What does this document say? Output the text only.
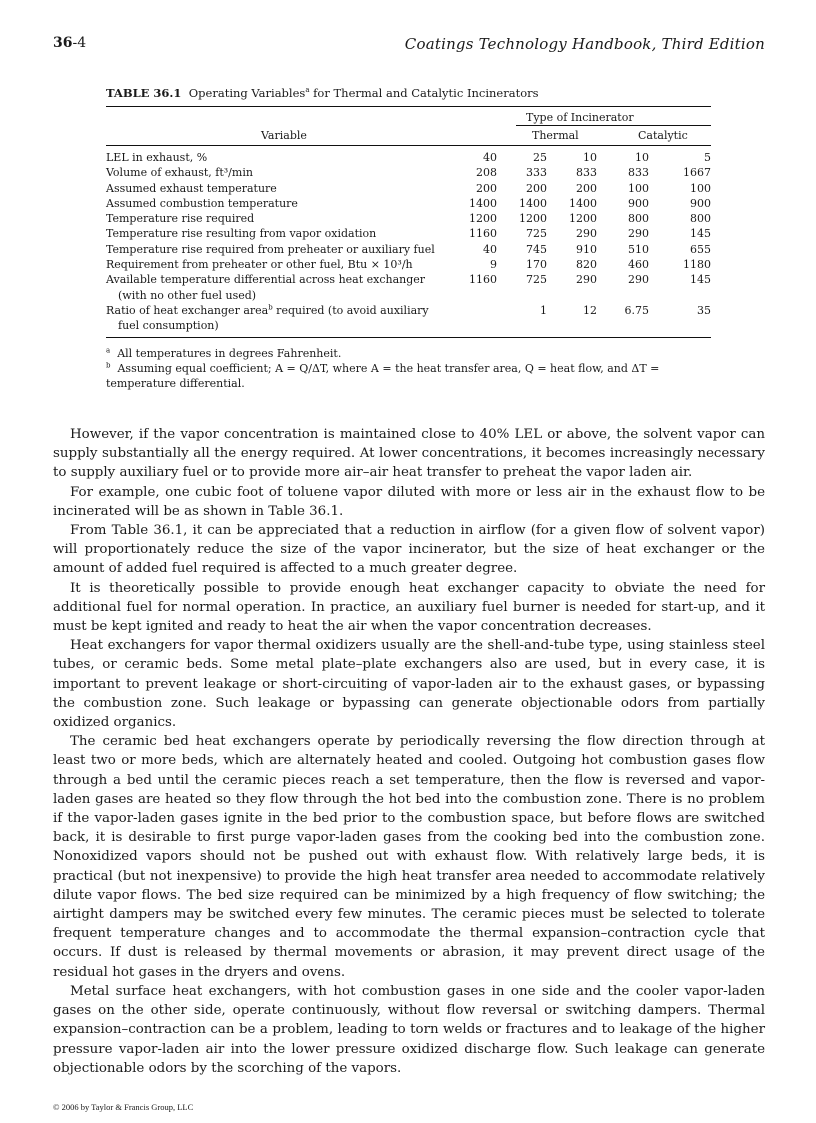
36-4	Coatings Technology Handbook, Third Edition
TABLE 36.1 Operating Variables$^a$ for Thermal and Catalytic Incinerators
Type of Incinerator
Variable	Thermal	Catalytic
LEL in exhaust, %	40	25	10	10	5
Volume of exhaust, ft³/min	208	333	833	833	1667
Assumed exhaust temperature	200	200	200	100	100
Assumed combustion temperature	1400	1400	1400	900	900
Temperature rise required	1200	1200	1200	800	800
Temperature rise resulting from vapor oxidation	1160	725	290	290	145
Temperature rise required from preheater or auxiliary fuel	40	745	910	510	655
Requirement from preheater or other fuel, Btu × 10³/h	9	170	820	460	1180
Available temperature differential across heat exchanger
(with no other fuel used)	1160	725	290	290	145
Ratio of heat exchanger area$^b$ required (to avoid auxiliary
fuel consumption)		1	12	6.75	35

$^a$ All temperatures in degrees Fahrenheit.

$^b$ Assuming equal coefficient; A = Q/ΔT, where A = the heat transfer area, Q = heat flow, and ΔT = temperature differential.

However, if the vapor concentration is maintained close to 40% LEL or above, the solvent vapor can supply substantially all the energy required. At lower concentrations, it becomes increasingly necessary to supply auxiliary fuel or to provide more air–air heat transfer to preheat the vapor laden air.

For example, one cubic foot of toluene vapor diluted with more or less air in the exhaust flow to be incinerated will be as shown in Table 36.1.

From Table 36.1, it can be appreciated that a reduction in airflow (for a given flow of solvent vapor) will proportionately reduce the size of the vapor incinerator, but the size of heat exchanger or the amount of added fuel required is affected to a much greater degree.

It is theoretically possible to provide enough heat exchanger capacity to obviate the need for additional fuel for normal operation. In practice, an auxiliary fuel burner is needed for start-up, and it must be kept ignited and ready to heat the air when the vapor concentration decreases.

Heat exchangers for vapor thermal oxidizers usually are the shell-and-tube type, using stainless steel tubes, or ceramic beds. Some metal plate–plate exchangers also are used, but in every case, it is important to prevent leakage or short-circuiting of vapor-laden air to the exhaust gases, or bypassing the combustion zone. Such leakage or bypassing can generate objectionable odors from partially oxidized organics.

The ceramic bed heat exchangers operate by periodically reversing the flow direction through at least two or more beds, which are alternately heated and cooled. Outgoing hot combustion gases flow through a bed until the ceramic pieces reach a set temperature, then the flow is reversed and vapor-laden gases are heated so they flow through the hot bed into the combustion zone. There is no problem if the vapor-laden gases ignite in the bed prior to the combustion space, but before flows are switched back, it is desirable to first purge vapor-laden gases from the cooking bed into the combustion zone. Nonoxidized vapors should not be pushed out with exhaust flow. With relatively large beds, it is practical (but not inexpensive) to provide the high heat transfer area needed to accommodate relatively dilute vapor flows. The bed size required can be minimized by a high frequency of flow switching; the airtight dampers may be switched every few minutes. The ceramic pieces must be selected to tolerate frequent temperature changes and to accommodate the thermal expansion–contraction cycle that occurs. If dust is released by thermal movements or abrasion, it may prevent direct usage of the residual hot gases in the dryers and ovens.

Metal surface heat exchangers, with hot combustion gases in one side and the cooler vapor-laden gases on the other side, operate continuously, without flow reversal or switching dampers. Thermal expansion–contraction can be a problem, leading to torn welds or fractures and to leakage of the higher pressure vapor-laden air into the lower pressure oxidized discharge flow. Such leakage can generate objectionable odors by the scorching of the vapors.

© 2006 by Taylor & Francis Group, LLC
